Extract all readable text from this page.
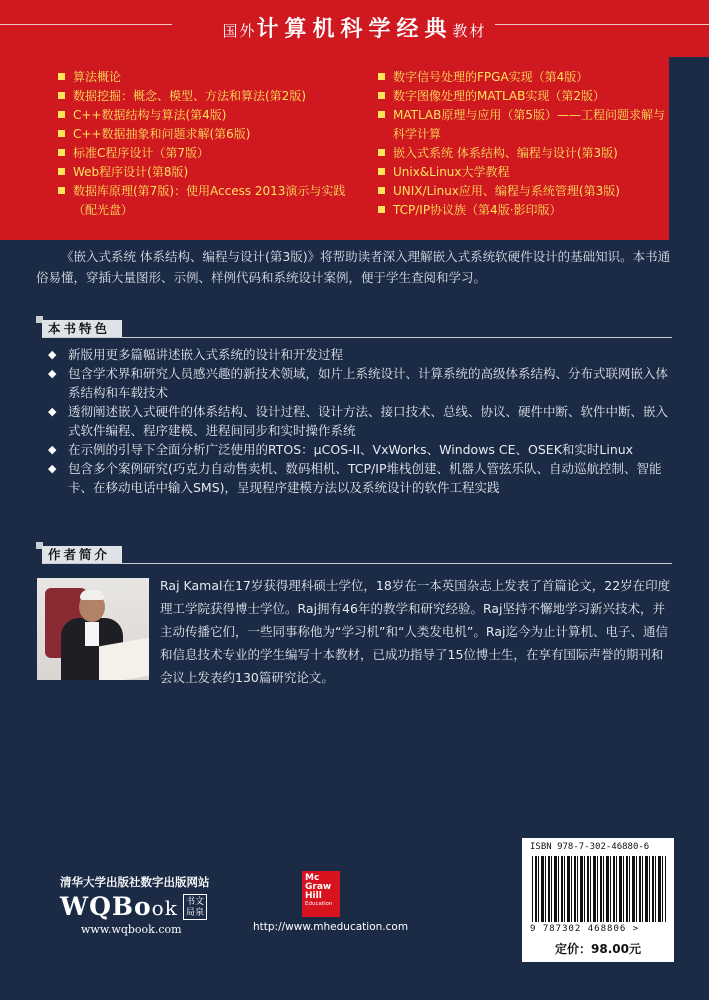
国外计算机科学经典教材
算法概论
数据挖掘：概念、模型、方法和算法(第2版)
C++数据结构与算法(第4版)
C++数据抽象和问题求解(第6版)
标准C程序设计（第7版）
Web程序设计(第8版)
数据库原理(第7版)：使用Access 2013演示与实践（配光盘）
数字信号处理的FPGA实现（第4版）
数字图像处理的MATLAB实现（第2版）
MATLAB原理与应用（第5版）——工程问题求解与科学计算
嵌入式系统 体系结构、编程与设计(第3版)
Unix&Linux大学教程
UNIX/Linux应用、编程与系统管理(第3版)
TCP/IP协议族（第4版·影印版）

《嵌入式系统 体系结构、编程与设计(第3版)》将帮助读者深入理解嵌入式系统软硬件设计的基础知识。本书通俗易懂，穿插大量图形、示例、样例代码和系统设计案例，便于学生查阅和学习。

本书特色
◆ 新版用更多篇幅讲述嵌入式系统的设计和开发过程
◆ 包含学术界和研究人员感兴趣的新技术领域，如片上系统设计、计算系统的高级体系结构、分布式联网嵌入体系结构和车载技术
◆ 透彻阐述嵌入式硬件的体系结构、设计过程、设计方法、接口技术、总线、协议、硬件中断、软件中断、嵌入式软件编程、程序建模、进程间同步和实时操作系统
◆ 在示例的引导下全面分析广泛使用的RTOS：μCOS-II、VxWorks、Windows CE、OSEK和实时Linux
◆ 包含多个案例研究(巧克力自动售卖机、数码相机、TCP/IP堆栈创建、机器人管弦乐队、自动巡航控制、智能卡、在移动电话中输入SMS)，呈现程序建模方法以及系统设计的软件工程实践
作者简介

Raj Kamal在17岁获得理科硕士学位，18岁在一本英国杂志上发表了首篇论文，22岁在印度理工学院获得博士学位。Raj拥有46年的教学和研究经验。Raj坚持不懈地学习新兴技术，并主动传播它们，一些同事称他为“学习机”和“人类发电机”。Raj迄今为止计算机、电子、通信和信息技术专业的学生编写十本教材，已成功指导了15位博士生，在享有国际声誉的期刊和会议上发表约130篇研究论文。

ISBN 978-7-302-46880-6
9 787302 468806 >
定价：98.00元
清华大学出版社数字出版网站
WQBook 书文局泉
www.wqbook.com
Mc
Graw
Hill
Education
http://www.mheducation.com
